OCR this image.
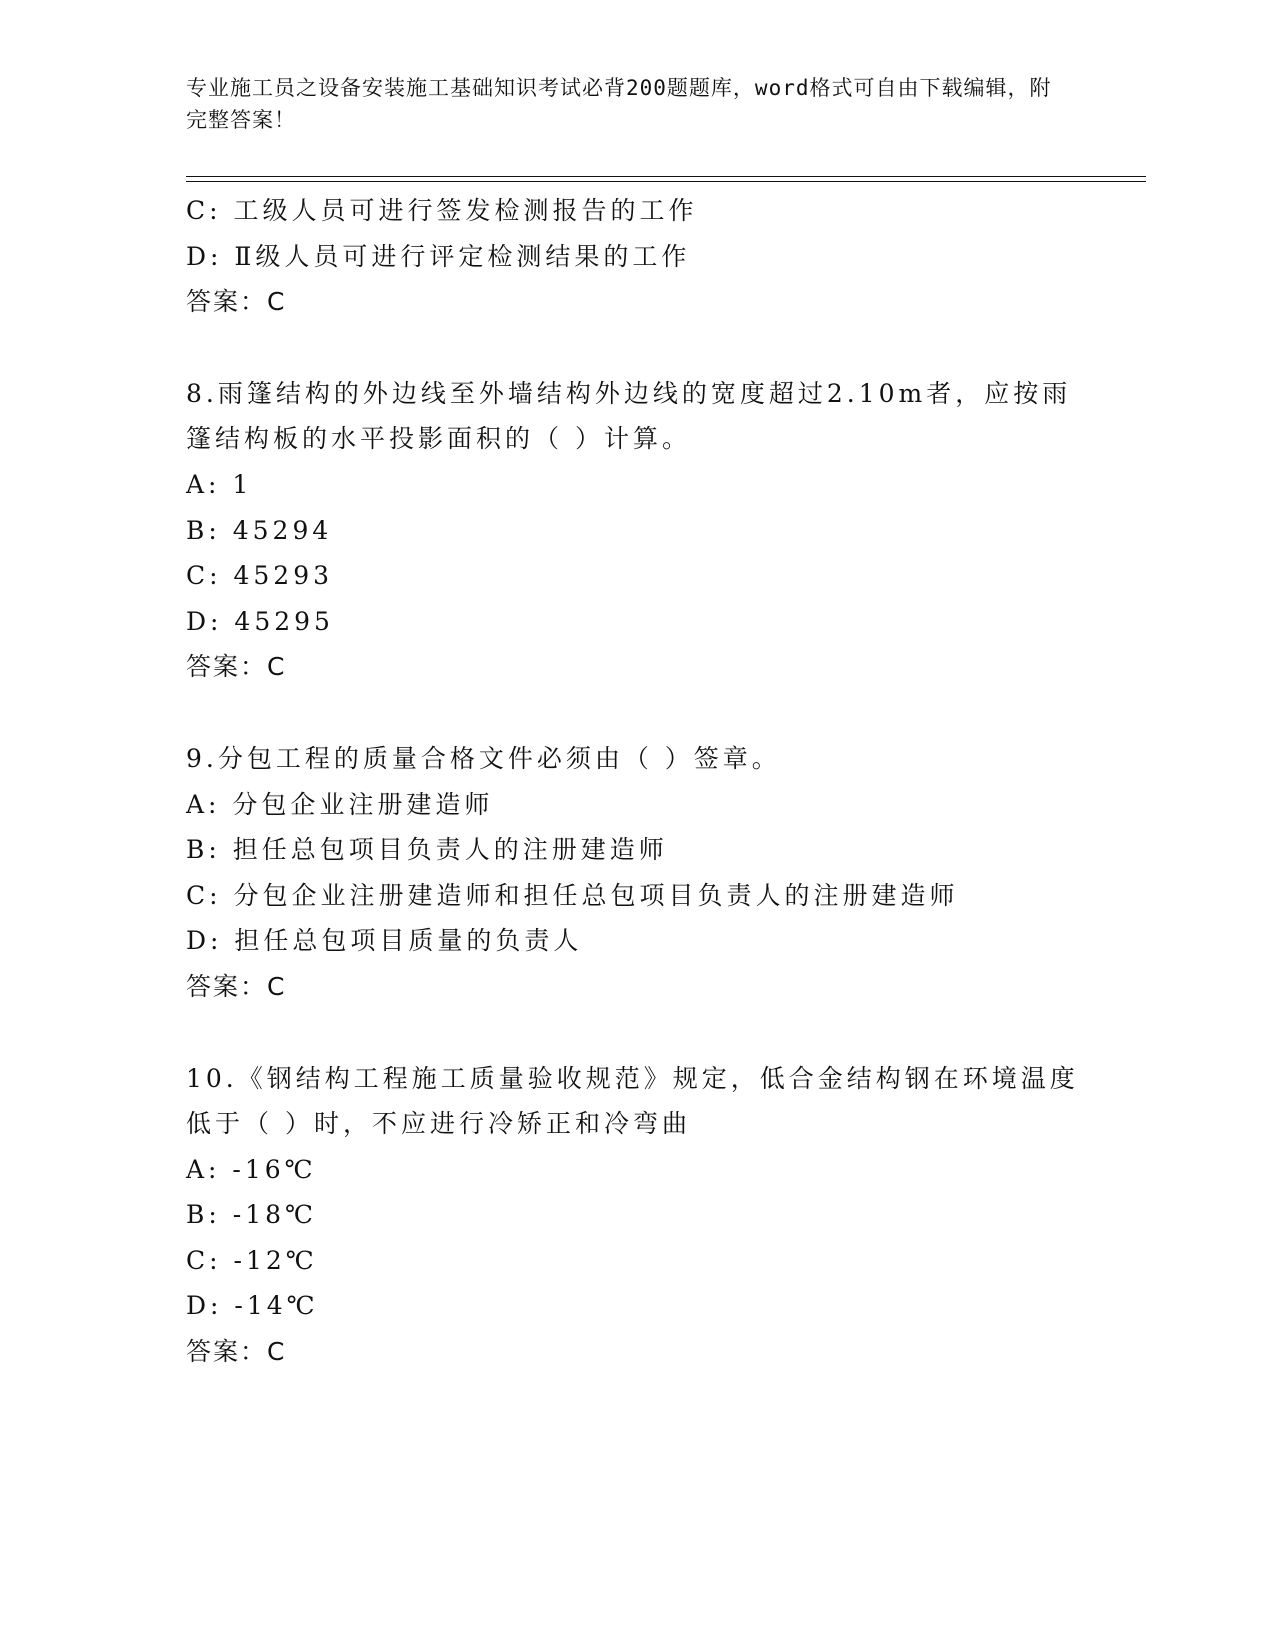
专业施工员之设备安装施工基础知识考试必背200题题库，word格式可自由下载编辑，附完整答案！
C: 工级人员可进行签发检测报告的工作
D: Ⅱ级人员可进行评定检测结果的工作
答案：C
8.雨篷结构的外边线至外墙结构外边线的宽度超过2.10m者，应按雨
篷结构板的水平投影面积的（ ）计算。
A: 1
B: 45294
C: 45293
D: 45295
答案：C
9.分包工程的质量合格文件必须由（ ）签章。
A: 分包企业注册建造师
B: 担任总包项目负责人的注册建造师
C: 分包企业注册建造师和担任总包项目负责人的注册建造师
D: 担任总包项目质量的负责人
答案：C
10.《钢结构工程施工质量验收规范》规定，低合金结构钢在环境温度
低于（ ）时，不应进行冷矫正和冷弯曲
A: -16℃
B: -18℃
C: -12℃
D: -14℃
答案：C
